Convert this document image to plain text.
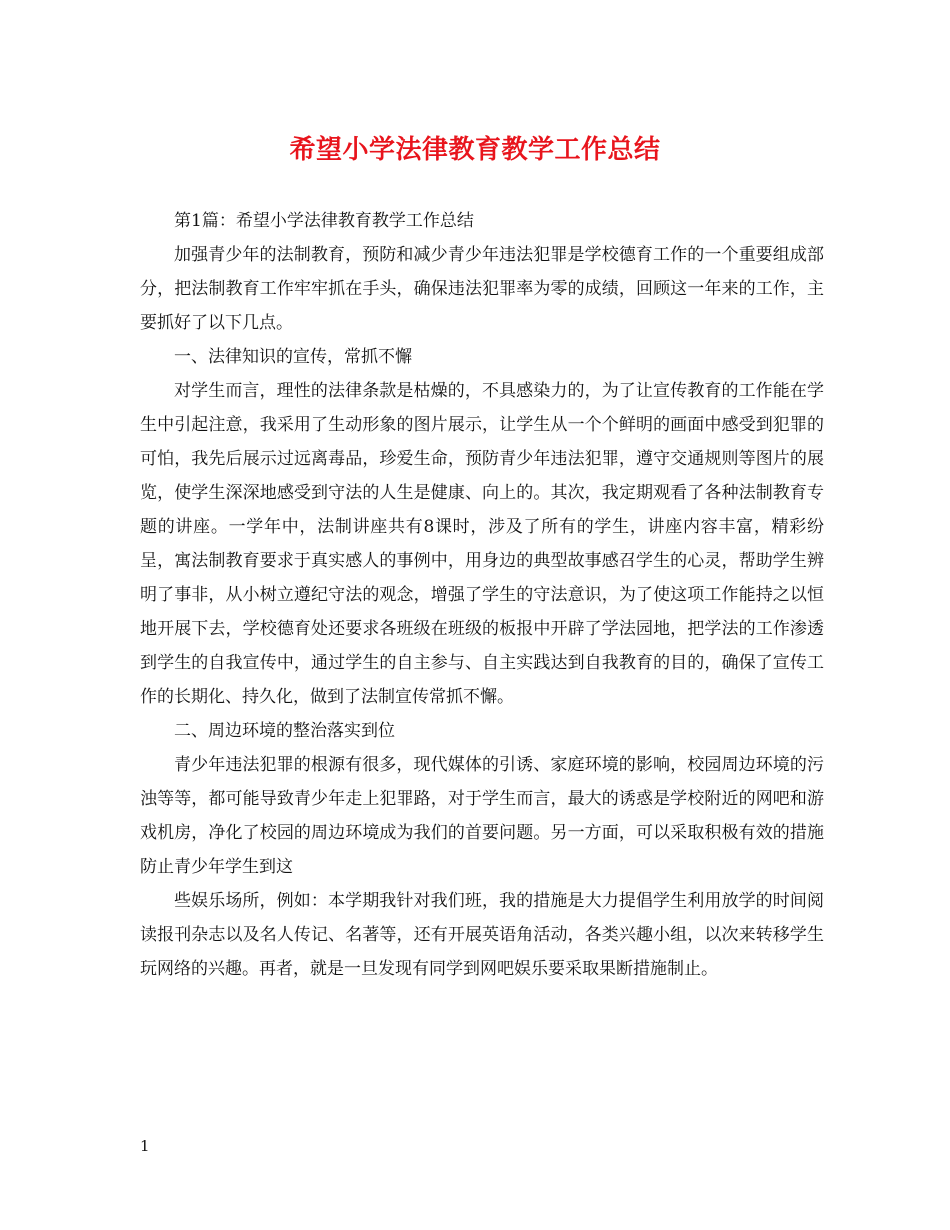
希望小学法律教育教学工作总结

第1篇：希望小学法律教育教学工作总结

加强青少年的法制教育，预防和减少青少年违法犯罪是学校德育工作的一个重要组成部分，把法制教育工作牢牢抓在手头，确保违法犯罪率为零的成绩，回顾这一年来的工作，主要抓好了以下几点。

一、法律知识的宣传，常抓不懈

对学生而言，理性的法律条款是枯燥的，不具感染力的，为了让宣传教育的工作能在学生中引起注意，我采用了生动形象的图片展示，让学生从一个个鲜明的画面中感受到犯罪的可怕，我先后展示过远离毒品，珍爱生命，预防青少年违法犯罪，遵守交通规则等图片的展览，使学生深深地感受到守法的人生是健康、向上的。其次，我定期观看了各种法制教育专题的讲座。一学年中，法制讲座共有8课时，涉及了所有的学生，讲座内容丰富，精彩纷呈，寓法制教育要求于真实感人的事例中，用身边的典型故事感召学生的心灵，帮助学生辨明了事非，从小树立遵纪守法的观念，增强了学生的守法意识，为了使这项工作能持之以恒地开展下去，学校德育处还要求各班级在班级的板报中开辟了学法园地，把学法的工作渗透到学生的自我宣传中，通过学生的自主参与、自主实践达到自我教育的目的，确保了宣传工作的长期化、持久化，做到了法制宣传常抓不懈。

二、周边环境的整治落实到位

青少年违法犯罪的根源有很多，现代媒体的引诱、家庭环境的影响，校园周边环境的污浊等等，都可能导致青少年走上犯罪路，对于学生而言，最大的诱惑是学校附近的网吧和游戏机房，净化了校园的周边环境成为我们的首要问题。另一方面，可以采取积极有效的措施防止青少年学生到这

些娱乐场所，例如：本学期我针对我们班，我的措施是大力提倡学生利用放学的时间阅读报刊杂志以及名人传记、名著等，还有开展英语角活动，各类兴趣小组，以次来转移学生玩网络的兴趣。再者，就是一旦发现有同学到网吧娱乐要采取果断措施制止。

1
